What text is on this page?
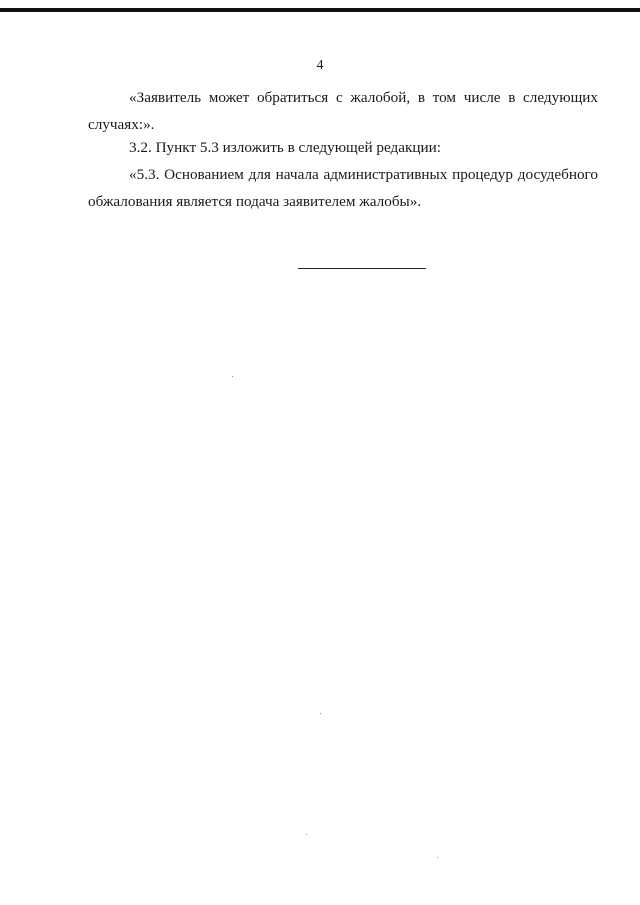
4

«Заявитель может обратиться с жалобой, в том числе в следующих случаях:».

3.2. Пункт 5.3 изложить в следующей редакции:

«5.3. Основанием для начала административных процедур досудебного обжалования является подача заявителем жалобы».
